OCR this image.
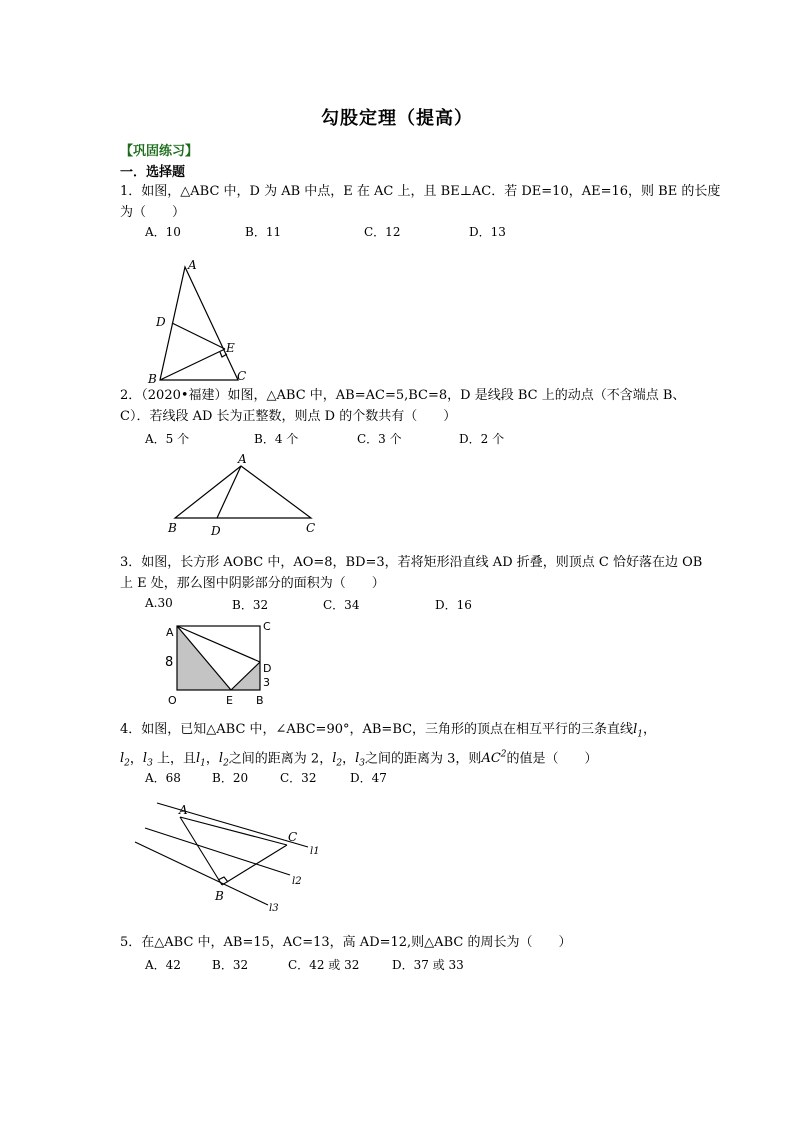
勾股定理（提高）
【巩固练习】
一．选择题
1．如图，△ABC 中，D 为 AB 中点，E 在 AC 上，且 BE⊥AC．若 DE=10，AE=16，则 BE 的长度
为（　　）
A．10	B．11	C．12	D．13
A
D
E
B	C
2．（2020•福建）如图，△ABC 中，AB=AC=5,BC=8，D 是线段 BC 上的动点（不含端点 B、
C）．若线段 AD 长为正整数，则点 D 的个数共有（　　）
A．5 个	B．4 个	C．3 个	D．2 个
A
B	D	C
3．如图，长方形 AOBC 中，AO=8，BD=3，若将矩形沿直线 AD 折叠，则顶点 C 恰好落在边 OB
上 E 处，那么图中阴影部分的面积为（　　）
A.30	B．32	C．34	D．16
A	C
8	D
3
O	E B
4．如图，已知△ABC 中，∠ABC=90°，AB=BC，三角形的顶点在相互平行的三条直线$l_1$，
$l_2$，$l_3$ 上，且$l_1$，$l_2$之间的距离为 2，$l_2$，$l_3$之间的距离为 3，则$AC^2$的值是（　　）
A．68	B．20	C．32	D．47
A
C
B
l1
l2
l3
5．在△ABC 中，AB=15，AC=13，高 AD=12,则△ABC 的周长为（　　）
A．42	B．32	C．42 或 32	D．37 或 33
